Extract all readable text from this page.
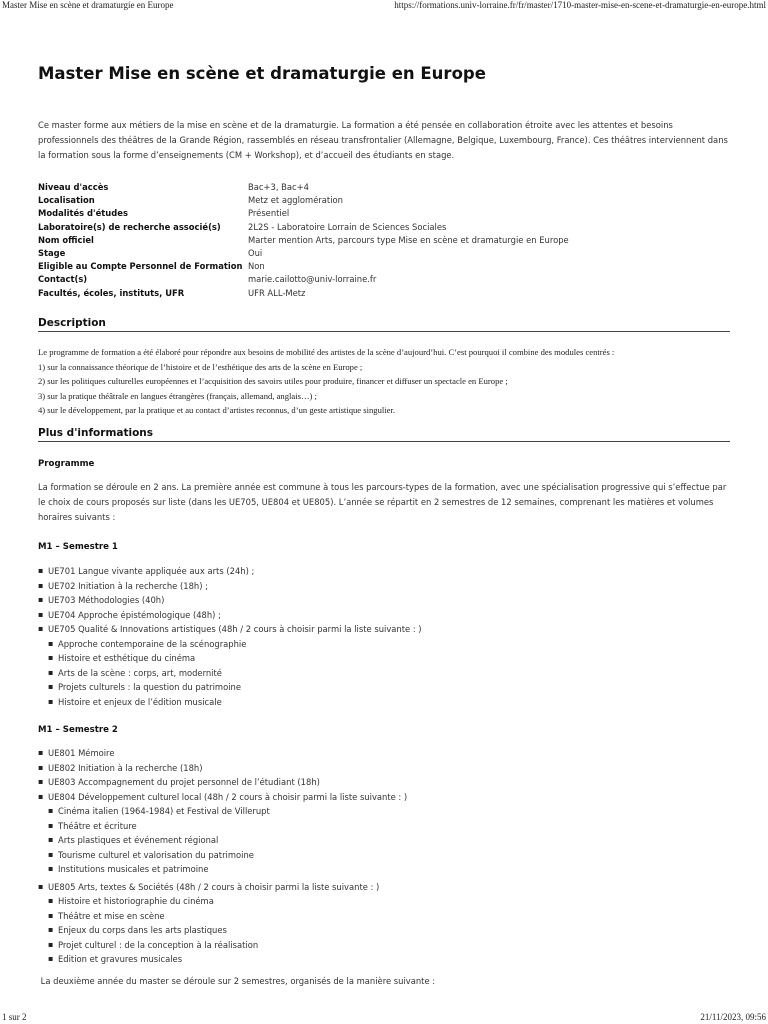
Master Mise en scène et dramaturgie en Europe	https://formations.univ-lorraine.fr/fr/master/1710-master-mise-en-scene-et-dramaturgie-en-europe.html
Master Mise en scène et dramaturgie en Europe

Ce master forme aux métiers de la mise en scène et de la dramaturgie. La formation a été pensée en collaboration étroite avec les attentes et besoins professionnels des théâtres de la Grande Région, rassemblés en réseau transfrontalier (Allemagne, Belgique, Luxembourg, France). Ces théâtres interviennent dans la formation sous la forme d’enseignements (CM + Workshop), et d’accueil des étudiants en stage.

Niveau d'accès	Bac+3, Bac+4
Localisation	Metz et agglomération
Modalités d'études	Présentiel
Laboratoire(s) de recherche associé(s)	2L2S - Laboratoire Lorrain de Sciences Sociales
Nom officiel	Marter mention Arts, parcours type Mise en scène et dramaturgie en Europe
Stage	Oui
Eligible au Compte Personnel de Formation	Non
Contact(s)	marie.cailotto@univ-lorraine.fr
Facultés, écoles, instituts, UFR	UFR ALL-Metz
Description
Le programme de formation a été élaboré pour répondre aux besoins de mobilité des artistes de la scène d’aujourd’hui. C’est pourquoi il combine des modules centrés :
1) sur la connaissance théorique de l’histoire et de l’esthétique des arts de la scène en Europe ;
2) sur les politiques culturelles européennes et l’acquisition des savoirs utiles pour produire, financer et diffuser un spectacle en Europe ;
3) sur la pratique théâtrale en langues étrangères (français, allemand, anglais…) ;
4) sur le développement, par la pratique et au contact d’artistes reconnus, d’un geste artistique singulier.
Plus d'informations
Programme

La formation se déroule en 2 ans. La première année est commune à tous les parcours-types de la formation, avec une spécialisation progressive qui s’effectue par le choix de cours proposés sur liste (dans les UE705, UE804 et UE805). L’année se répartit en 2 semestres de 12 semaines, comprenant les matières et volumes horaires suivants :

M1 – Semestre 1
▪ UE701 Langue vivante appliquée aux arts (24h) ;
▪ UE702 Initiation à la recherche (18h) ;
▪ UE703 Méthodologies (40h)
▪ UE704 Approche épistémologique (48h) ;
▪ UE705 Qualité & Innovations artistiques (48h / 2 cours à choisir parmi la liste suivante : )
▪ Approche contemporaine de la scénographie
▪ Histoire et esthétique du cinéma
▪ Arts de la scène : corps, art, modernité
▪ Projets culturels : la question du patrimoine
▪ Histoire et enjeux de l’édition musicale
M1 – Semestre 2
▪ UE801 Mémoire
▪ UE802 Initiation à la recherche (18h)
▪ UE803 Accompagnement du projet personnel de l’étudiant (18h)
▪ UE804 Développement culturel local (48h / 2 cours à choisir parmi la liste suivante : )
▪ Cinéma italien (1964-1984) et Festival de Villerupt
▪ Théâtre et écriture
▪ Arts plastiques et événement régional
▪ Tourisme culturel et valorisation du patrimoine
▪ Institutions musicales et patrimoine
▪ UE805 Arts, textes & Sociétés (48h / 2 cours à choisir parmi la liste suivante : )
▪ Histoire et historiographie du cinéma
▪ Théâtre et mise en scène
▪ Enjeux du corps dans les arts plastiques
▪ Projet culturel : de la conception à la réalisation
▪ Edition et gravures musicales

La deuxième année du master se déroule sur 2 semestres, organisés de la manière suivante :

1 sur 2	21/11/2023, 09:56
